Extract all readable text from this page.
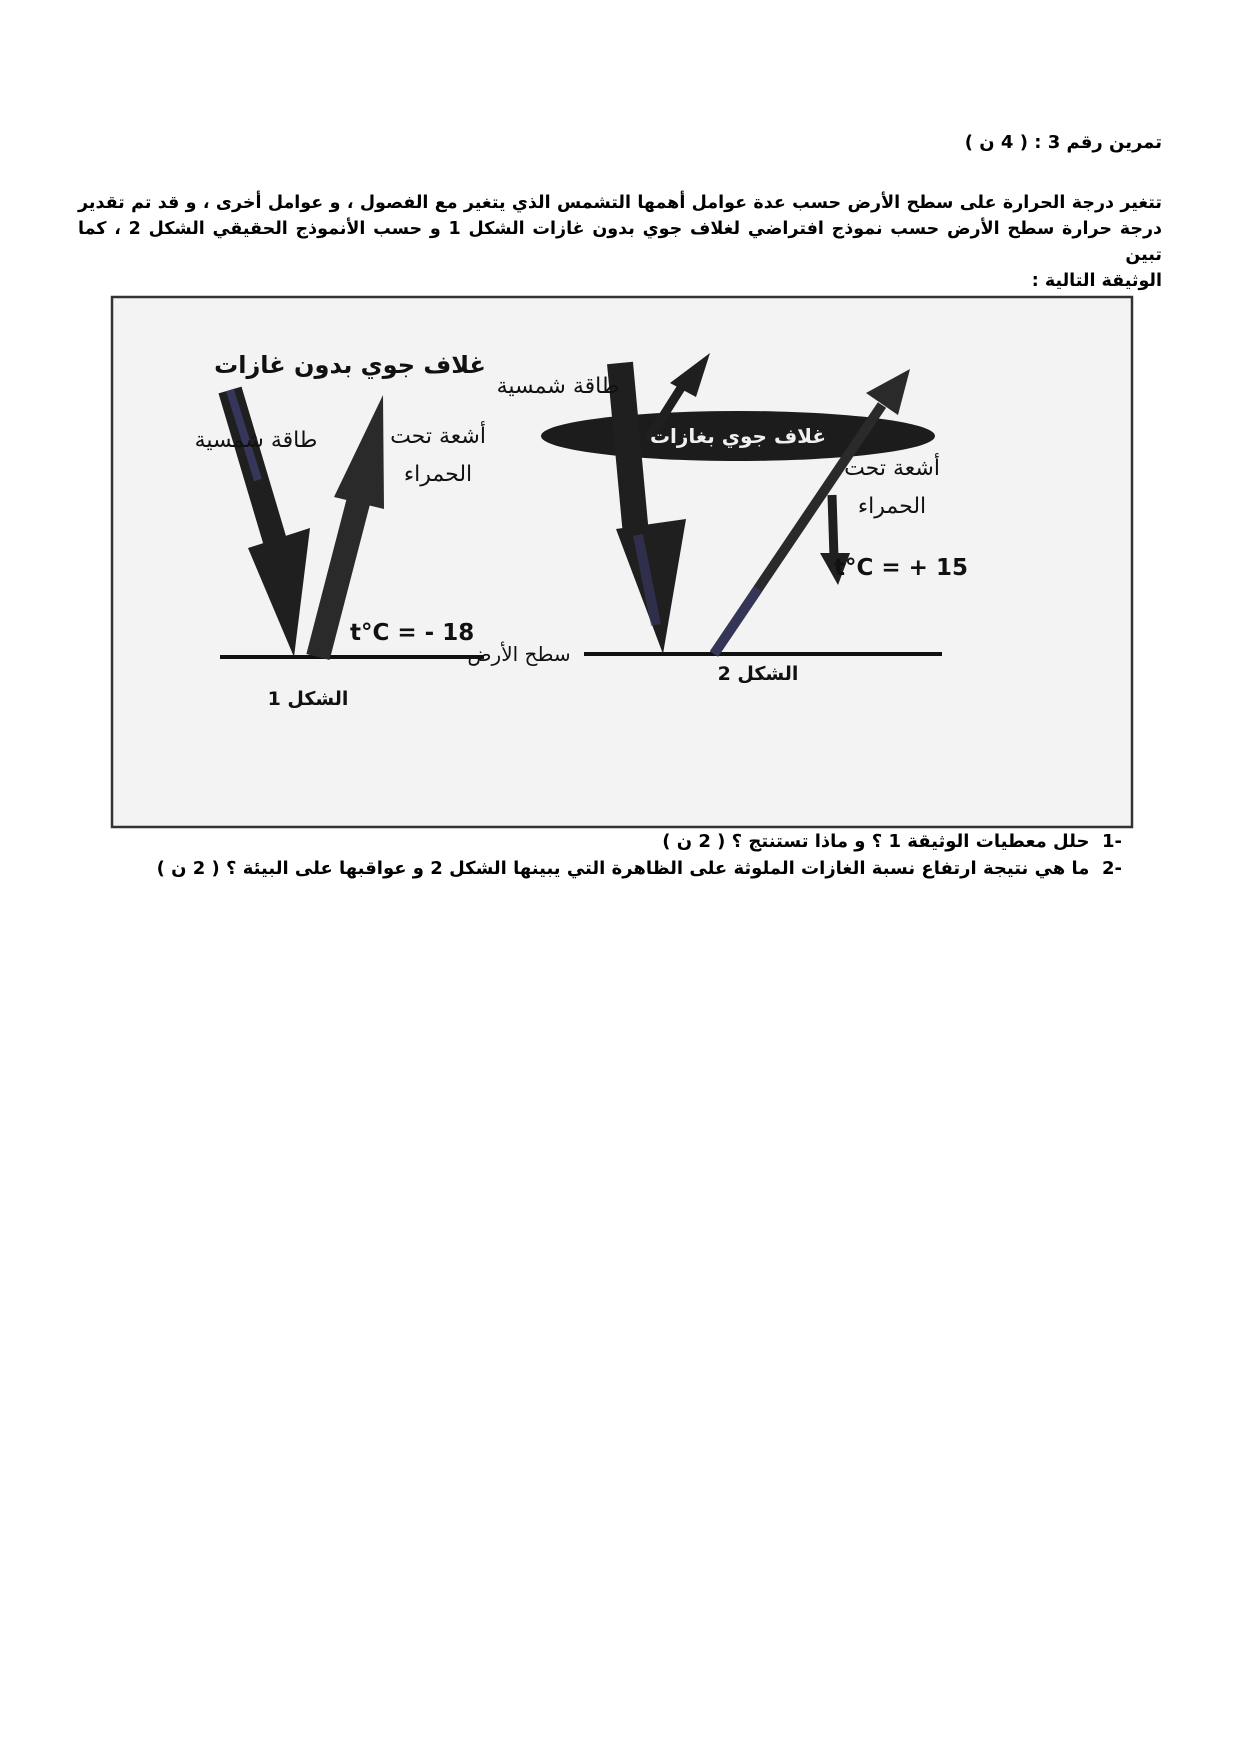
تمرين رقم 3 : ( 4 ن )
تتغير درجة الحرارة على سطح الأرض حسب عدة عوامل أهمها التشمس الذي يتغير مع الفصول ، و عوامل أخرى ، و قد تم تقدير
درجة حرارة سطح الأرض حسب نموذج افتراضي لغلاف جوي بدون غازات الشكل 1 و حسب الأنموذج الحقيقي الشكل 2 ، كما تبين
الوثيقة التالية :
غلاف جوي بدون غازات
طاقة شمسية	أشعة تحت
الحمراء
t°C = - 18
الشكل 1
سطح الأرض
طاقة شمسية
غلاف جوي بغازات
أشعة تحت
الحمراء
t°C = + 15
الشكل 2
-1  حلل معطيات الوثيقة 1 ؟ و ماذا تستنتج ؟ ( 2 ن )
-2  ما هي نتيجة ارتفاع نسبة الغازات الملوثة على الظاهرة التي يبينها الشكل 2 و عواقبها على البيئة ؟ ( 2 ن )
